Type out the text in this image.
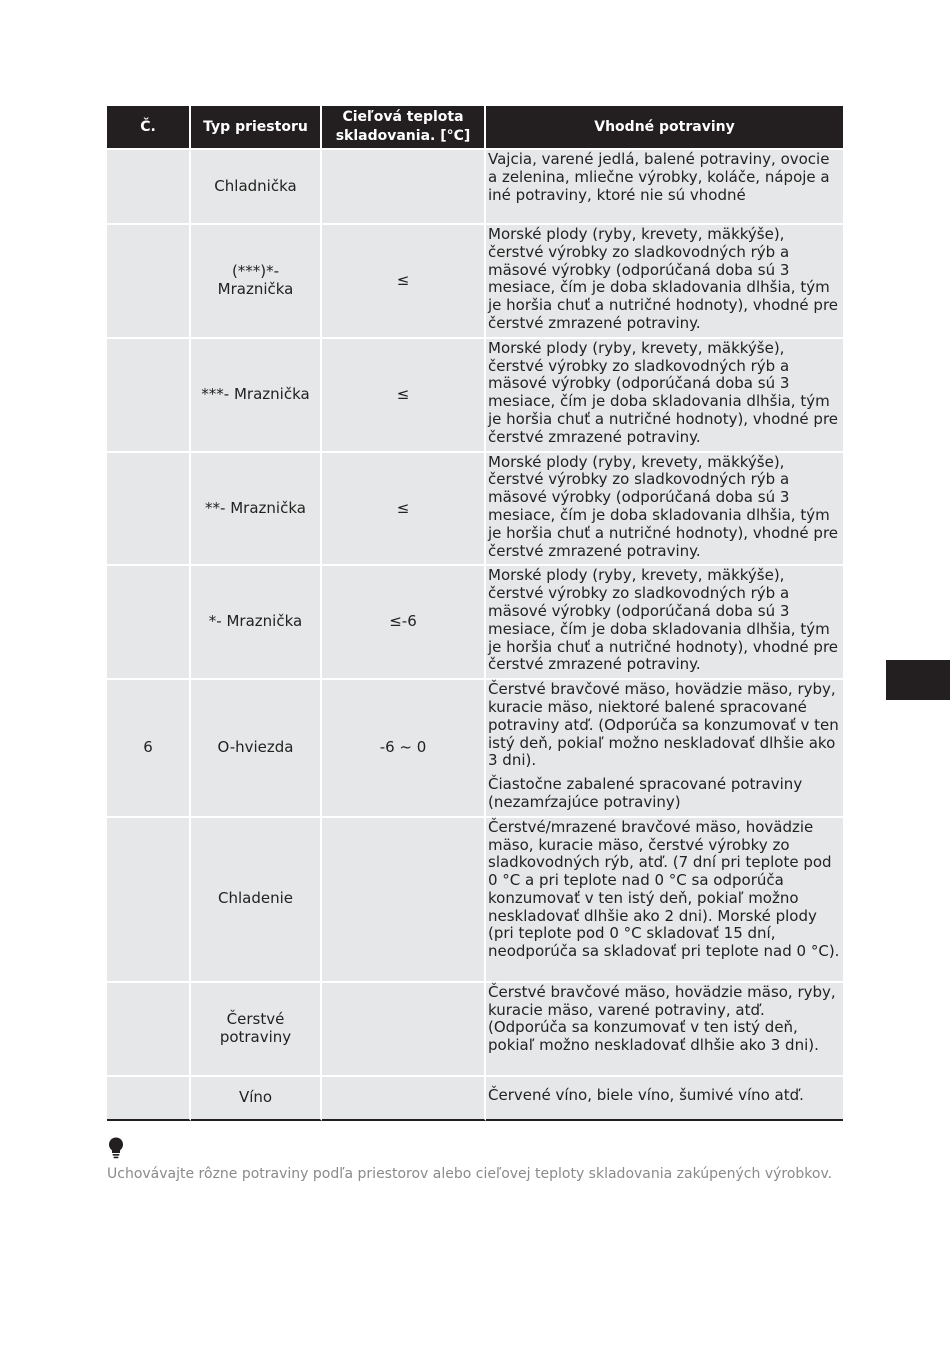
Č.	Typ priestoru	Cieľová teplota skladovania. [°C]	Vhodné potraviny
	Chladnička		Vajcia, varené jedlá, balené potraviny, ovocie a zelenina, mliečne výrobky, koláče, nápoje a iné potraviny, ktoré nie sú vhodné
	(***)*- Mraznička	≤	Morské plody (ryby, krevety, mäkkýše), čerstvé výrobky zo sladkovodných rýb a mäsové výrobky (odporúčaná doba sú 3 mesiace, čím je doba skladovania dlhšia, tým je horšia chuť a nutričné hodnoty), vhodné pre čerstvé zmrazené potraviny.
	***- Mraznička	≤	Morské plody (ryby, krevety, mäkkýše), čerstvé výrobky zo sladkovodných rýb a mäsové výrobky (odporúčaná doba sú 3 mesiace, čím je doba skladovania dlhšia, tým je horšia chuť a nutričné hodnoty), vhodné pre čerstvé zmrazené potraviny.
	**- Mraznička	≤	Morské plody (ryby, krevety, mäkkýše), čerstvé výrobky zo sladkovodných rýb a mäsové výrobky (odporúčaná doba sú 3 mesiace, čím je doba skladovania dlhšia, tým je horšia chuť a nutričné hodnoty), vhodné pre čerstvé zmrazené potraviny.
	*- Mraznička	≤-6	Morské plody (ryby, krevety, mäkkýše), čerstvé výrobky zo sladkovodných rýb a mäsové výrobky (odporúčaná doba sú 3 mesiace, čím je doba skladovania dlhšia, tým je horšia chuť a nutričné hodnoty), vhodné pre čerstvé zmrazené potraviny.
6	O-hviezda	-6 ~ 0	Čerstvé bravčové mäso, hovädzie mäso, ryby, kuracie mäso, niektoré balené spracované potraviny atď. (Odporúča sa konzumovať v ten istý deň, pokiaľ možno neskladovať dlhšie ako 3 dni).
Čiastočne zabalené spracované potraviny (nezamŕzajúce potraviny)

	Chladenie		Čerstvé/mrazené bravčové mäso, hovädzie mäso, kuracie mäso, čerstvé výrobky zo sladkovodných rýb, atď. (7 dní pri teplote pod 0 °C a pri teplote nad 0 °C sa odporúča konzumovať v ten istý deň, pokiaľ možno neskladovať dlhšie ako 2 dni). Morské plody (pri teplote pod 0 °C skladovať 15 dní, neodporúča sa skladovať pri teplote nad 0 °C).
	Čerstvé potraviny		Čerstvé bravčové mäso, hovädzie mäso, ryby, kuracie mäso, varené potraviny, atď. (Odporúča sa konzumovať v ten istý deň, pokiaľ možno neskladovať dlhšie ako 3 dni).
	Víno		Červené víno, biele víno, šumivé víno atď.
Uchovávajte rôzne potraviny podľa priestorov alebo cieľovej teploty skladovania zakúpených výrobkov.
